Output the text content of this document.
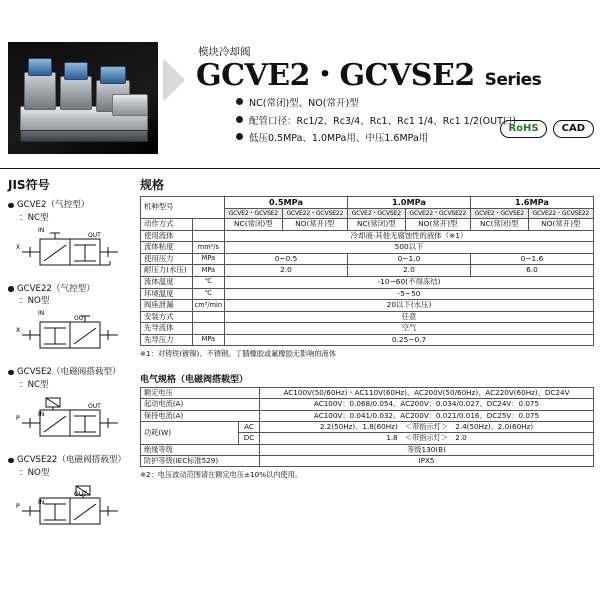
模块冷却阀
GCVE2・GCVSE2 Series
NC(常闭)型、NO(常开)型
配管口径：Rc1/2、Rc3/4、Rc1、Rc1 1/4、Rc1 1/2(OUT口)
低压0.5MPa、1.0MPa用、中压1.6MPa用
RoHS	CAD
JIS符号
GCVE2（气控型）
：NC型
X
IN
OUT
GCVE22（气控型）
：NO型
X
IN
OUT
GCVSE2（电磁阀搭载型）
：NC型
P
IN
OUT
GCVSE22（电磁阀搭载型）
：NO型
P
IN
OUT
规格
机种型号		0.5MPa		1.0MPa		1.6MPa	
		GCVE2・GCVSE2	GCVE22・GCVSE22	GCVE2・GCVSE2	GCVE22・GCVSE22	GCVE2・GCVSE2	GCVE22・GCVSE22
动作方式		NC(常闭)型	NO(常开)型	NC(常闭)型	NO(常开)型	NC(常闭)型	NO(常开)型
使用流体		冷却液·其他无腐蚀性的液体（※1）					
流体粘度	mm²/s	500以下					
使用压力	MPa	0~0.5		0~1.0		0~1.6	
耐压力(水压)	MPa	2.0		2.0		6.0	
流体温度	℃	-10~60(不得冻结)					
环境温度	℃	-5~50					
阀座泄漏	cm³/min	20以下(水压)					
安装方式		任意					
先导流体		空气					
先导压力	MPa	0.25~0.7					
※1：对铸铁(镀镍)、不锈钢、丁腈橡胶或氟橡胶无影响的液体
电气规格（电磁阀搭载型）
额定电压		AC100V(50/60Hz)・AC110V(60Hz)、AC200V(50/60Hz)、AC220V(60Hz)、DC24V
起动电流(A)		AC100V：0.068/0.054、AC200V：0.034/0.027、DC24V：0.075
保持电流(A)		AC100V：0.041/0.032、AC200V：0.021/0.016、DC25V：0.075
功耗(W)	AC	2.2(50Hz)、1.8(60Hz)　＜带指示灯＞　2.4(50Hz)、2.0(60Hz)
	DC	1.8　＜带指示灯＞　2.0
绝缘等级		等级130(B)
防护等级(IEC标准529)		IPX5
※2：电压波动范围请在额定电压±10%以内使用。
